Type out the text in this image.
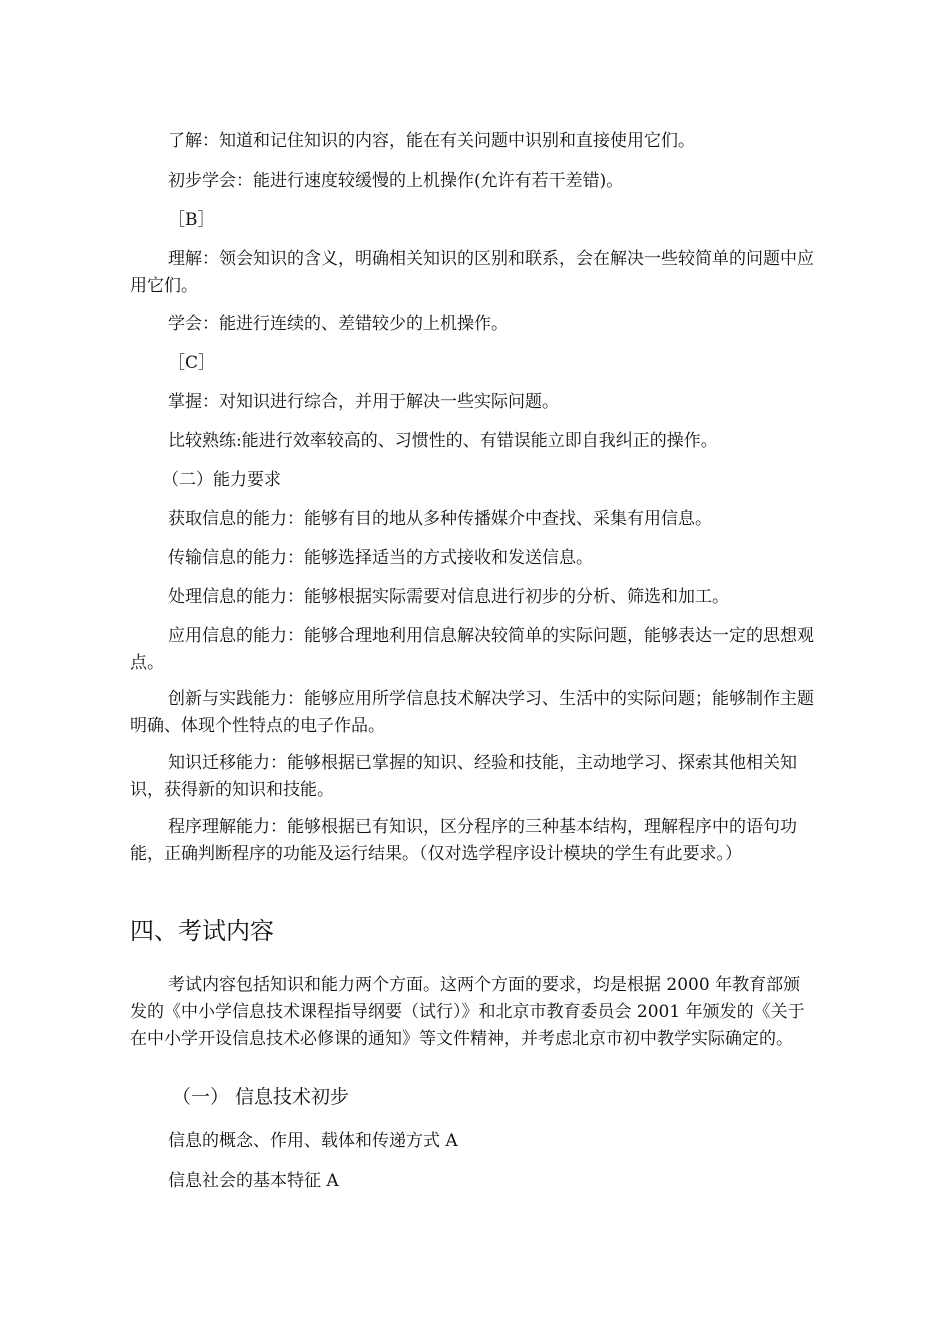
了解：知道和记住知识的内容，能在有关问题中识别和直接使用它们。

初步学会：能进行速度较缓慢的上机操作(允许有若干差错)。

［B］

理解：领会知识的含义，明确相关知识的区别和联系，会在解决一些较简单的问题中应用它们。

学会：能进行连续的、差错较少的上机操作。

［C］

掌握：对知识进行综合，并用于解决一些实际问题。

比较熟练:能进行效率较高的、习惯性的、有错误能立即自我纠正的操作。

（二）能力要求

获取信息的能力：能够有目的地从多种传播媒介中查找、采集有用信息。

传输信息的能力：能够选择适当的方式接收和发送信息。

处理信息的能力：能够根据实际需要对信息进行初步的分析、筛选和加工。

应用信息的能力：能够合理地利用信息解决较简单的实际问题，能够表达一定的思想观点。

创新与实践能力：能够应用所学信息技术解决学习、生活中的实际问题；能够制作主题明确、体现个性特点的电子作品。

知识迁移能力：能够根据已掌握的知识、经验和技能，主动地学习、探索其他相关知识，获得新的知识和技能。

程序理解能力：能够根据已有知识，区分程序的三种基本结构，理解程序中的语句功能，正确判断程序的功能及运行结果。（仅对选学程序设计模块的学生有此要求。）

四、考试内容

考试内容包括知识和能力两个方面。这两个方面的要求，均是根据 2000 年教育部颁发的《中小学信息技术课程指导纲要（试行）》和北京市教育委员会 2001 年颁发的《关于在中小学开设信息技术必修课的通知》等文件精神，并考虑北京市初中教学实际确定的。

（一） 信息技术初步

信息的概念、作用、载体和传递方式 A

信息社会的基本特征 A
